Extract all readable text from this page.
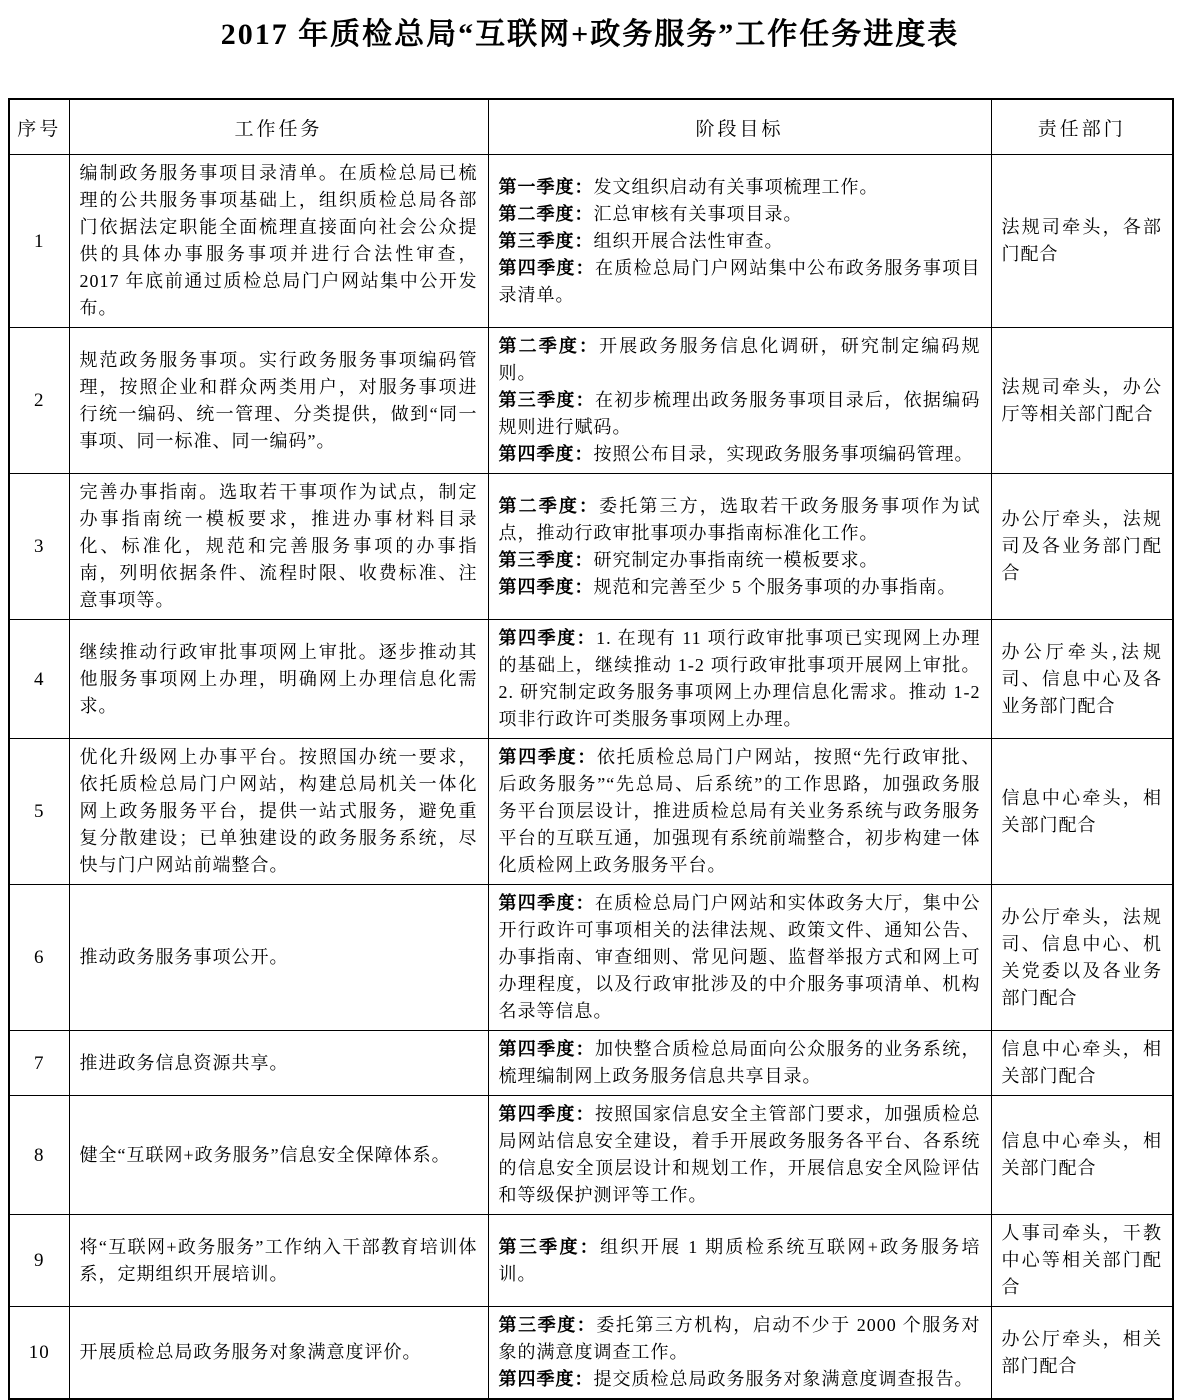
2017 年质检总局“互联网+政务服务”工作任务进度表
序号	工作任务	阶段目标	责任部门
1	编制政务服务事项目录清单。在质检总局已梳理的公共服务事项基础上，组织质检总局各部门依据法定职能全面梳理直接面向社会公众提供的具体办事服务事项并进行合法性审查，2017 年底前通过质检总局门户网站集中公开发布。	第一季度：发文组织启动有关事项梳理工作。
第二季度：汇总审核有关事项目录。
第三季度：组织开展合法性审查。
第四季度：在质检总局门户网站集中公布政务服务事项目录清单。	法规司牵头，各部门配合
2	规范政务服务事项。实行政务服务事项编码管理，按照企业和群众两类用户，对服务事项进行统一编码、统一管理、分类提供，做到“同一事项、同一标准、同一编码”。	第二季度：开展政务服务信息化调研，研究制定编码规则。
第三季度：在初步梳理出政务服务事项目录后，依据编码规则进行赋码。
第四季度：按照公布目录，实现政务服务事项编码管理。	法规司牵头，办公厅等相关部门配合
3	完善办事指南。选取若干事项作为试点，制定办事指南统一模板要求，推进办事材料目录化、标准化，规范和完善服务事项的办事指南，列明依据条件、流程时限、收费标准、注意事项等。	第二季度：委托第三方，选取若干政务服务事项作为试点，推动行政审批事项办事指南标准化工作。
第三季度：研究制定办事指南统一模板要求。
第四季度：规范和完善至少 5 个服务事项的办事指南。	办公厅牵头，法规司及各业务部门配合
4	继续推动行政审批事项网上审批。逐步推动其他服务事项网上办理，明确网上办理信息化需求。	第四季度：1. 在现有 11 项行政审批事项已实现网上办理的基础上，继续推动 1-2 项行政审批事项开展网上审批。2. 研究制定政务服务事项网上办理信息化需求。推动 1-2 项非行政许可类服务事项网上办理。	办公厅牵头,法规司、信息中心及各业务部门配合
5	优化升级网上办事平台。按照国办统一要求，依托质检总局门户网站，构建总局机关一体化网上政务服务平台，提供一站式服务，避免重复分散建设；已单独建设的政务服务系统，尽快与门户网站前端整合。	第四季度：依托质检总局门户网站，按照“先行政审批、后政务服务”“先总局、后系统”的工作思路，加强政务服务平台顶层设计，推进质检总局有关业务系统与政务服务平台的互联互通，加强现有系统前端整合，初步构建一体化质检网上政务服务平台。	信息中心牵头，相关部门配合
6	推动政务服务事项公开。	第四季度：在质检总局门户网站和实体政务大厅，集中公开行政许可事项相关的法律法规、政策文件、通知公告、办事指南、审查细则、常见问题、监督举报方式和网上可办理程度，以及行政审批涉及的中介服务事项清单、机构名录等信息。	办公厅牵头，法规司、信息中心、机关党委以及各业务部门配合
7	推进政务信息资源共享。	第四季度：加快整合质检总局面向公众服务的业务系统，梳理编制网上政务服务信息共享目录。	信息中心牵头，相关部门配合
8	健全“互联网+政务服务”信息安全保障体系。	第四季度：按照国家信息安全主管部门要求，加强质检总局网站信息安全建设，着手开展政务服务各平台、各系统的信息安全顶层设计和规划工作，开展信息安全风险评估和等级保护测评等工作。	信息中心牵头，相关部门配合
9	将“互联网+政务服务”工作纳入干部教育培训体系，定期组织开展培训。	第三季度：组织开展 1 期质检系统互联网+政务服务培训。	人事司牵头，干教中心等相关部门配合
10	开展质检总局政务服务对象满意度评价。	第三季度：委托第三方机构，启动不少于 2000 个服务对象的满意度调查工作。
第四季度：提交质检总局政务服务对象满意度调查报告。	办公厅牵头，相关部门配合
